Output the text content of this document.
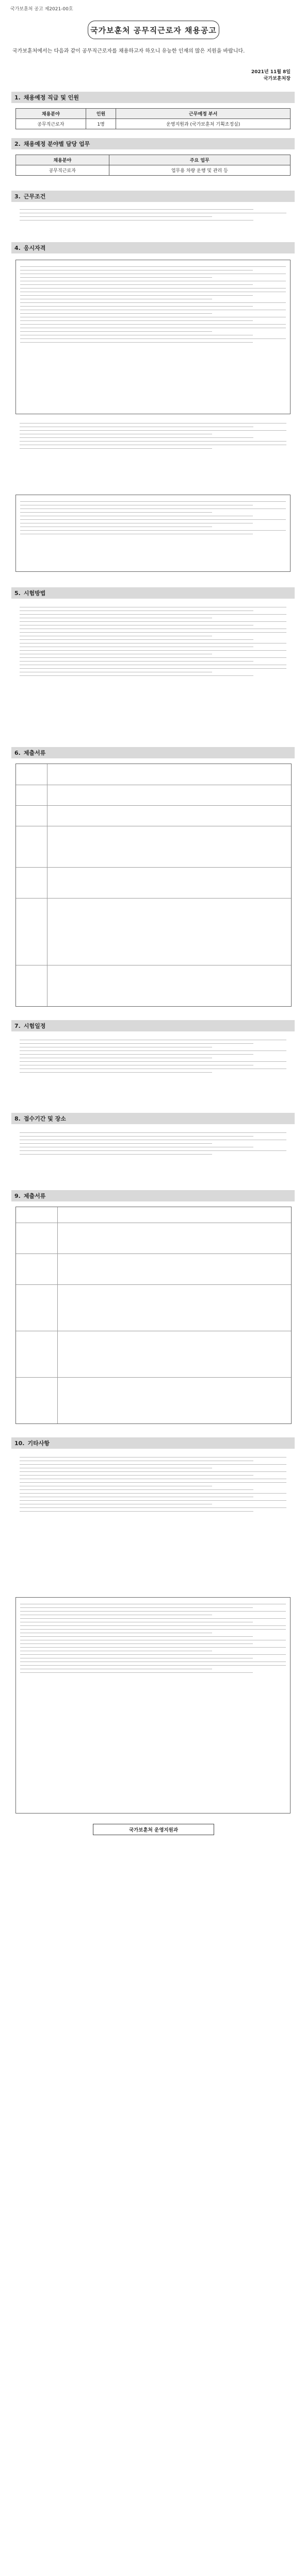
국가보훈처 공고 제2021-00호
국가보훈처 공무직근로자 채용공고
국가보훈처에서는 다음과 같이 공무직근로자를 채용하고자 하오니 유능한 인재의 많은 지원을 바랍니다.
2021년 11월 8일
국가보훈처장
1. 채용예정 직급 및 인원
채용분야	인원	근무예정 부서
공무직근로자	1명	운영지원과 (국가보훈처 기획조정실)
2. 채용예정 분야별 담당 업무
채용분야	주요 업무
공무직근로자	업무용 차량 운행 및 관리 등
3. 근무조건
4. 응시자격
5. 시험방법
6. 제출서류
7. 시험일정
8. 접수기간 및 장소
9. 제출서류
10. 기타사항
국가보훈처 운영지원과
